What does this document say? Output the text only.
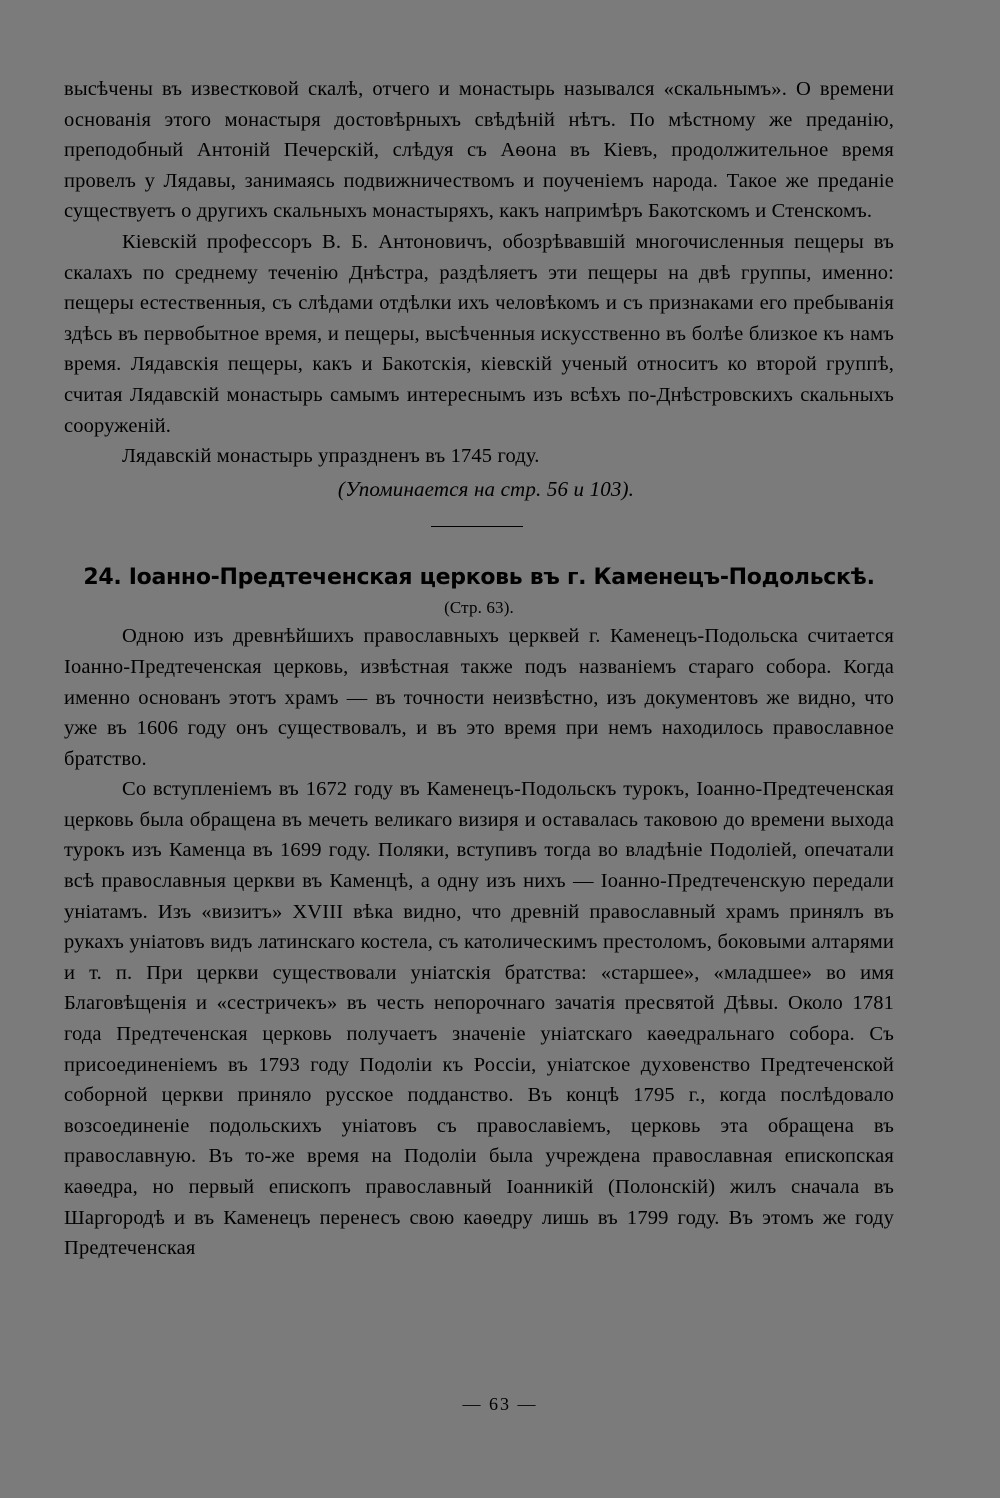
высѣчены въ известковой скалѣ, отчего и монастырь назывался «скальнымъ». О времени основанія этого монастыря достовѣрныхъ свѣдѣній нѣтъ. По мѣстному же преданію, преподобный Антоній Печерскій, слѣдуя съ Аѳона въ Кіевъ, продолжительное время провелъ у Лядавы, занимаясь подвижничествомъ и поученіемъ народа. Такое же преданіе существуетъ о другихъ скальныхъ монастыряхъ, какъ напримѣръ Бакотскомъ и Стенскомъ.

Кіевскій профессоръ В. Б. Антоновичъ, обозрѣвавшій многочисленныя пещеры въ скалахъ по среднему теченію Днѣстра, раздѣляетъ эти пещеры на двѣ группы, именно: пещеры естественныя, съ слѣдами отдѣлки ихъ человѣкомъ и съ признаками его пребыванія здѣсь въ первобытное время, и пещеры, высѣченныя искусственно въ болѣе близкое къ намъ время. Лядавскія пещеры, какъ и Бакотскія, кіевскій ученый относитъ ко второй группѣ, считая Лядавскій монастырь самымъ интереснымъ изъ всѣхъ по-Днѣстровскихъ скальныхъ сооруженій.

Лядавскій монастырь упраздненъ въ 1745 году.

(Упоминается на стр. 56 и 103).

24. Іоанно-Предтеченская церковь въ г. Каменецъ-Подольскѣ.

(Стр. 63).

Одною изъ древнѣйшихъ православныхъ церквей г. Каменецъ-Подольска считается Іоанно-Предтеченская церковь, извѣстная также подъ названіемъ стараго собора. Когда именно основанъ этотъ храмъ — въ точности неизвѣстно, изъ документовъ же видно, что уже въ 1606 году онъ существовалъ, и въ это время при немъ находилось православное братство.

Со вступленіемъ въ 1672 году въ Каменецъ-Подольскъ турокъ, Іоанно-Предтеченская церковь была обращена въ мечеть великаго визиря и оставалась таковою до времени выхода турокъ изъ Каменца въ 1699 году. Поляки, вступивъ тогда во владѣніе Подоліей, опечатали всѣ православныя церкви въ Каменцѣ, а одну изъ нихъ — Іоанно-Предтеченскую передали уніатамъ. Изъ «визитъ» XVIII вѣка видно, что древній православный храмъ принялъ въ рукахъ уніатовъ видъ латинскаго костела, съ католическимъ престоломъ, боковыми алтарями и т. п. При церкви существовали уніатскія братства: «старшее», «младшее» во имя Благовѣщенія и «сестричекъ» въ честь непорочнаго зачатія пресвятой Дѣвы. Около 1781 года Предтеченская церковь получаетъ значеніе уніатскаго каѳедральнаго собора. Съ присоединеніемъ въ 1793 году Подоліи къ Россіи, уніатское духовенство Предтеченской соборной церкви приняло русское подданство. Въ концѣ 1795 г., когда послѣдовало возсоединеніе подольскихъ уніатовъ съ православіемъ, церковь эта обращена въ православную. Въ то-же время на Подоліи была учреждена православная епископская каѳедра, но первый епископъ православный Іоанникій (Полонскій) жилъ сначала въ Шаргородѣ и въ Каменецъ перенесъ свою каѳедру лишь въ 1799 году. Въ этомъ же году Предтеченская

— 63 —
